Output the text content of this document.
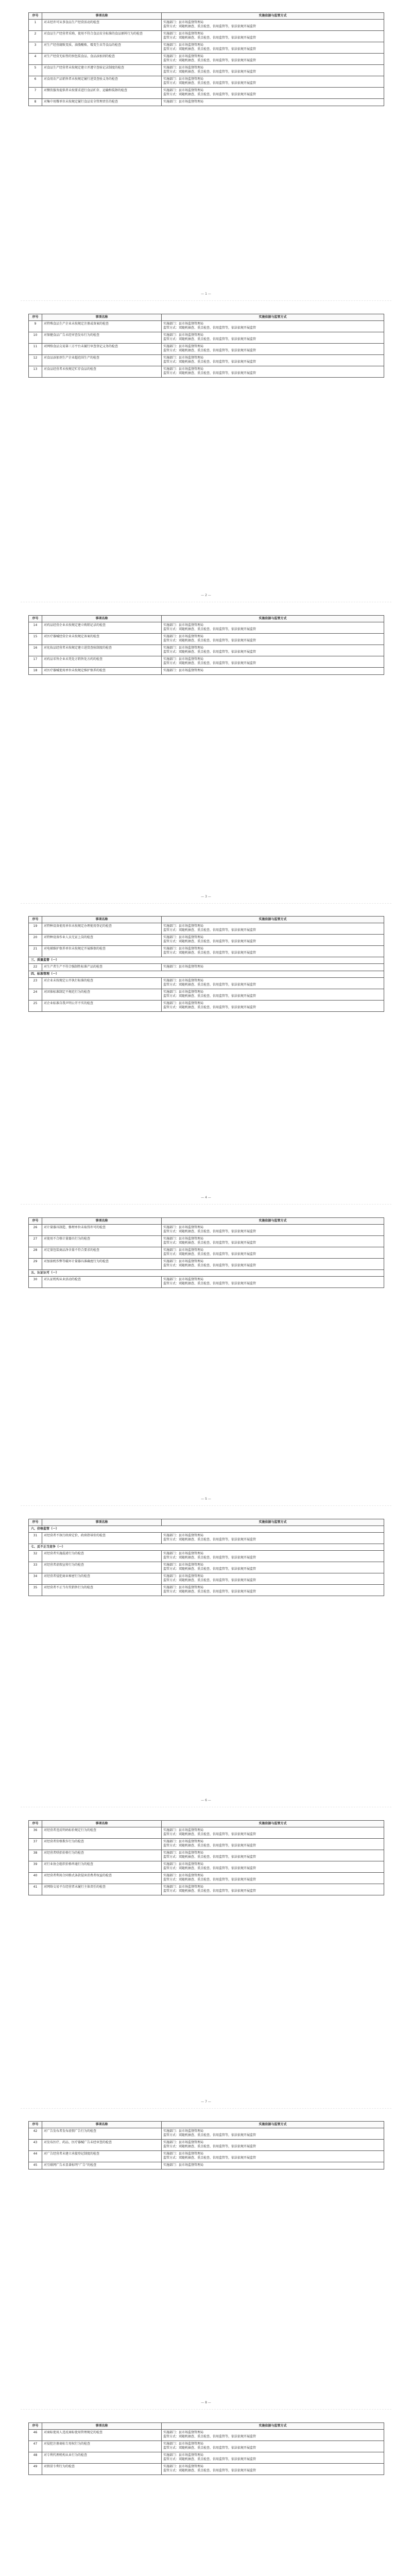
序号	事项名称	实施依据与监管方式
1	对未经许可从事食品生产经营活动的检查	实施部门：县市场监督管理局
监管方式：双随机抽查、重点检查、信用监管等，依法依规开展监管

2	对食品生产经营者采购、使用不符合食品安全标准的食品原料行为的检查	实施部门：县市场监督管理局
监管方式：双随机抽查、重点检查、信用监管等，依法依规开展监管

3	对生产经营腐败变质、油脂酸败、霉变生虫等食品的检查	实施部门：县市场监督管理局
监管方式：双随机抽查、重点检查、信用监管等，依法依规开展监管

4	对生产经营无标签的预包装食品、食品添加剂的检查	实施部门：县市场监督管理局
监管方式：双随机抽查、重点检查、信用监管等，依法依规开展监管

5	对食品生产经营者未按规定建立并遵守查验记录制度的检查	实施部门：县市场监督管理局
监管方式：双随机抽查、重点检查、信用监管等，依法依规开展监管

6	对食用农产品销售者未按规定履行进货查验义务的检查	实施部门：县市场监督管理局
监管方式：双随机抽查、重点检查、信用监管等，依法依规开展监管

7	对餐饮服务提供者未按要求进行食品贮存、运输和装卸的检查	实施部门：县市场监督管理局
监管方式：双随机抽查、重点检查、信用监管等，依法依规开展监管

8	对集中用餐单位未按规定履行食品安全管理责任的检查	实施部门：县市场监督管理局
— 1 —
序号	事项名称	实施依据与监管方式
9	对特殊食品生产企业未按规定注册或备案的检查	实施部门：县市场监督管理局
监管方式：双随机抽查、重点检查、信用监管等，依法依规开展监管

10	对保健食品广告未经审查发布行为的检查	实施部门：县市场监督管理局
监管方式：双随机抽查、重点检查、信用监管等，依法依规开展监管

11	对网络食品交易第三方平台未履行审查登记义务的检查	实施部门：县市场监督管理局
监管方式：双随机抽查、重点检查、信用监管等，依法依规开展监管

12	对食品添加剂生产企业超范围生产的检查	实施部门：县市场监督管理局
监管方式：双随机抽查、重点检查、信用监管等，依法依规开展监管

13	对食品经营者未按规定贮存食品的检查	实施部门：县市场监督管理局
监管方式：双随机抽查、重点检查、信用监管等，依法依规开展监管
— 2 —
序号	事项名称	实施依据与监管方式
14	对药品经营企业未按规定建立购销记录的检查	实施部门：县市场监督管理局
监管方式：双随机抽查、重点检查、信用监管等，依法依规开展监管

15	对医疗器械经营企业未按规定备案的检查	实施部门：县市场监督管理局
监管方式：双随机抽查、重点检查、信用监管等，依法依规开展监管

16	对化妆品经营者未按规定建立进货查验制度的检查	实施部门：县市场监督管理局
监管方式：双随机抽查、重点检查、信用监管等，依法依规开展监管

17	对药品零售企业未凭处方销售处方药的检查	实施部门：县市场监督管理局
监管方式：双随机抽查、重点检查、信用监管等，依法依规开展监管

18	对医疗器械使用单位未按规定维护保养的检查	实施部门：县市场监督管理局
— 3 —
序号	事项名称	实施依据与监管方式
19	对特种设备使用单位未按规定办理使用登记的检查	实施部门：县市场监督管理局
监管方式：双随机抽查、重点检查、信用监管等，依法依规开展监管

20	对特种设备作业人员无证上岗的检查	实施部门：县市场监督管理局
监管方式：双随机抽查、重点检查、信用监管等，依法依规开展监管

21	对电梯维护保养单位未按规定开展维保的检查	实施部门：县市场监督管理局
监管方式：双随机抽查、重点检查、信用监管等，依法依规开展监管

三、质量监督（一）		
22	对生产者生产不符合强制性标准产品的检查	实施部门：县市场监督管理局

四、标准管理（一）		
23	对企业未按规定公开执行标准的检查	实施部门：县市场监督管理局
监管方式：双随机抽查、重点检查、信用监管等，依法依规开展监管

24	对团体标准制定不规范行为的检查	实施部门：县市场监督管理局
监管方式：双随机抽查、重点检查、信用监管等，依法依规开展监管

25	对企业标准自我声明公开不实的检查	实施部门：县市场监督管理局
监管方式：双随机抽查、重点检查、信用监管等，依法依规开展监管
— 4 —
序号	事项名称	实施依据与监管方式
26	对计量器具制造、修理单位未取得许可的检查	实施部门：县市场监督管理局
监管方式：双随机抽查、重点检查、信用监管等，依法依规开展监管

27	对使用不合格计量器具行为的检查	实施部门：县市场监督管理局
监管方式：双随机抽查、重点检查、信用监管等，依法依规开展监管

28	对定量包装商品净含量不符合要求的检查	实施部门：县市场监督管理局
监管方式：双随机抽查、重点检查、信用监管等，依法依规开展监管

29	对加油机作弊等破坏计量器具准确度行为的检查	实施部门：县市场监督管理局
监管方式：双随机抽查、重点检查、信用监管等，依法依规开展监管

五、认证认可（一）		
30	对认证机构从业活动的检查	实施部门：县市场监督管理局
监管方式：双随机抽查、重点检查、信用监管等，依法依规开展监管
— 5 —
序号	事项名称	实施依据与监管方式
六、价格监管（一）		
31	对经营者不执行政府定价、政府指导价的检查	实施部门：县市场监督管理局
监管方式：双随机抽查、重点检查、信用监管等，依法依规开展监管

七、反不正当竞争（一）		
32	对经营者实施混淆行为的检查	实施部门：县市场监督管理局
监管方式：双随机抽查、重点检查、信用监管等，依法依规开展监管

33	对经营者虚假宣传行为的检查	实施部门：县市场监督管理局
监管方式：双随机抽查、重点检查、信用监管等，依法依规开展监管

34	对经营者侵犯商业秘密行为的检查	实施部门：县市场监督管理局
监管方式：双随机抽查、重点检查、信用监管等，依法依规开展监管

35	对经营者不正当有奖销售行为的检查	实施部门：县市场监督管理局
监管方式：双随机抽查、重点检查、信用监管等，依法依规开展监管
— 6 —
序号	事项名称	实施依据与监管方式
36	对经营者违反明码标价规定行为的检查	实施部门：县市场监督管理局
监管方式：双随机抽查、重点检查、信用监管等，依法依规开展监管

37	对经营者价格欺诈行为的检查	实施部门：县市场监督管理局
监管方式：双随机抽查、重点检查、信用监管等，依法依规开展监管

38	对经营者哄抬价格行为的检查	实施部门：县市场监督管理局
监管方式：双随机抽查、重点检查、信用监管等，依法依规开展监管

39	对行业协会组织价格串通行为的检查	实施部门：县市场监督管理局
监管方式：双随机抽查、重点检查、信用监管等，依法依规开展监管

40	对经营者利用合同格式条款侵害消费者权益的检查	实施部门：县市场监督管理局
监管方式：双随机抽查、重点检查、信用监管等，依法依规开展监管

41	对网络交易平台经营者未履行主体责任的检查	实施部门：县市场监督管理局
监管方式：双随机抽查、重点检查、信用监管等，依法依规开展监管
— 7 —
序号	事项名称	实施依据与监管方式
42	对广告发布者发布虚假广告行为的检查	实施部门：县市场监督管理局
监管方式：双随机抽查、重点检查、信用监管等，依法依规开展监管

43	对发布医疗、药品、医疗器械广告未经审查的检查	实施部门：县市场监督管理局
监管方式：双随机抽查、重点检查、信用监管等，依法依规开展监管

44	对广告经营者未建立承接登记制度的检查	实施部门：县市场监督管理局
监管方式：双随机抽查、重点检查、信用监管等，依法依规开展监管

45	对互联网广告未显著标明“广告”的检查	实施部门：县市场监督管理局
— 8 —
序号	事项名称	实施依据与监管方式
46	对商标使用人违反商标使用管理规定的检查	实施部门：县市场监督管理局
监管方式：双随机抽查、重点检查、信用监管等，依法依规开展监管

47	对侵犯注册商标专用权行为的检查	实施部门：县市场监督管理局
监管方式：双随机抽查、重点检查、信用监管等，依法依规开展监管

48	对专利代理机构从业行为的检查	实施部门：县市场监督管理局
监管方式：双随机抽查、重点检查、信用监管等，依法依规开展监管

49	对假冒专利行为的检查	实施部门：县市场监督管理局
监管方式：双随机抽查、重点检查、信用监管等，依法依规开展监管
